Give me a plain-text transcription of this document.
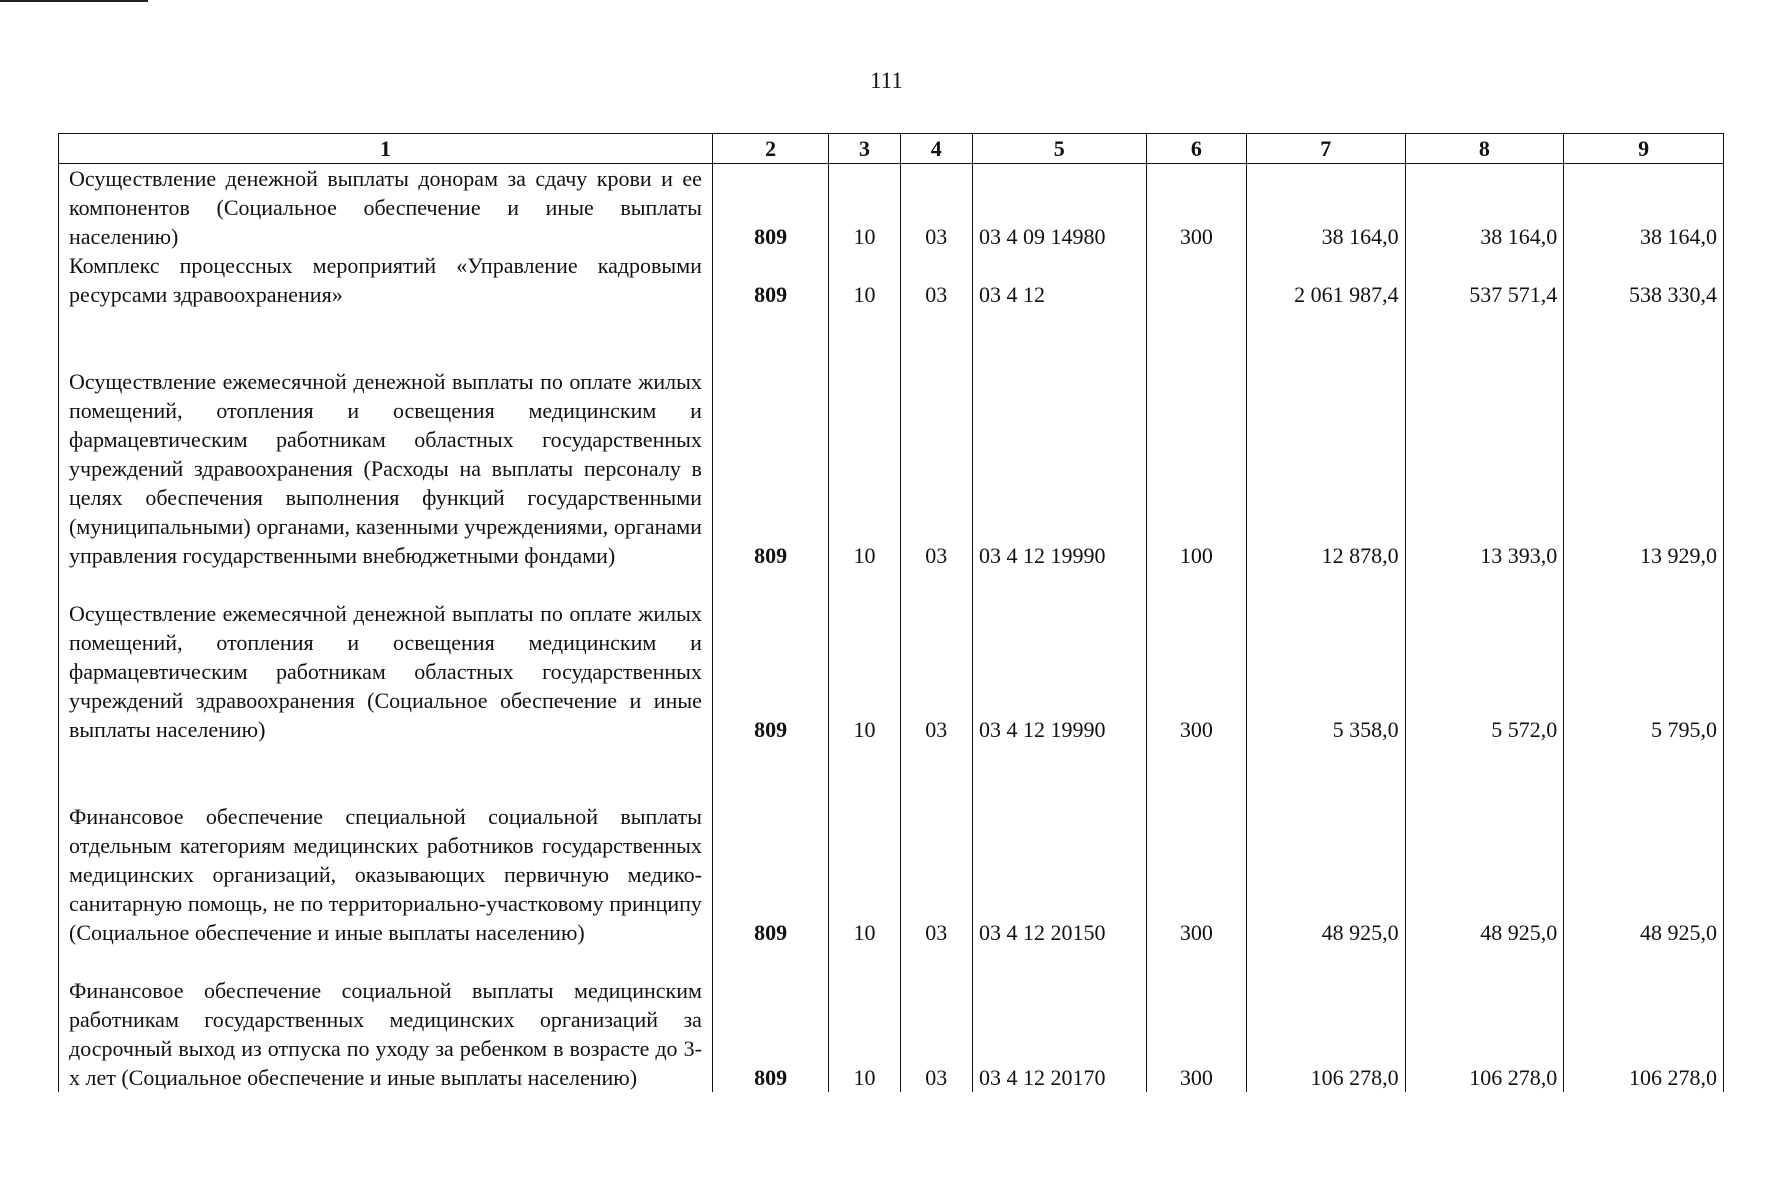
111
1	2	3	4	5	6	7	8	9
Осуществление денежной выплаты донорам за сдачу крови и ее компонентов (Социальное обеспечение и иные выплаты населению)	809	10	03	03 4 09 14980	300	38 164,0	38 164,0	38 164,0
Комплекс процессных мероприятий «Управление кадровыми ресурсами здравоохранения»	809	10	03	03 4 12		2 061 987,4	537 571,4	538 330,4
Осуществление ежемесячной денежной выплаты по оплате жилых помещений, отопления и освещения медицинским и фармацевтическим работникам областных государственных учреждений здравоохранения (Расходы на выплаты персоналу в целях обеспечения выполнения функций государственными (муниципальными) органами, казенными учреждениями, органами управления государственными внебюджетными фондами)	809	10	03	03 4 12 19990	100	12 878,0	13 393,0	13 929,0
Осуществление ежемесячной денежной выплаты по оплате жилых помещений, отопления и освещения медицинским и фармацевтическим работникам областных государственных учреждений здравоохранения (Социальное обеспечение и иные выплаты населению)	809	10	03	03 4 12 19990	300	5 358,0	5 572,0	5 795,0
Финансовое обеспечение специальной социальной выплаты отдельным категориям медицинских работников государственных медицинских организаций, оказывающих первичную медико-санитарную помощь, не по территориально-участковому принципу (Социальное обеспечение и иные выплаты населению)	809	10	03	03 4 12 20150	300	48 925,0	48 925,0	48 925,0
Финансовое обеспечение социальной выплаты медицинским работникам государственных медицинских организаций за досрочный выход из отпуска по уходу за ребенком в возрасте до 3-х лет (Социальное обеспечение и иные выплаты населению)	809	10	03	03 4 12 20170	300	106 278,0	106 278,0	106 278,0
